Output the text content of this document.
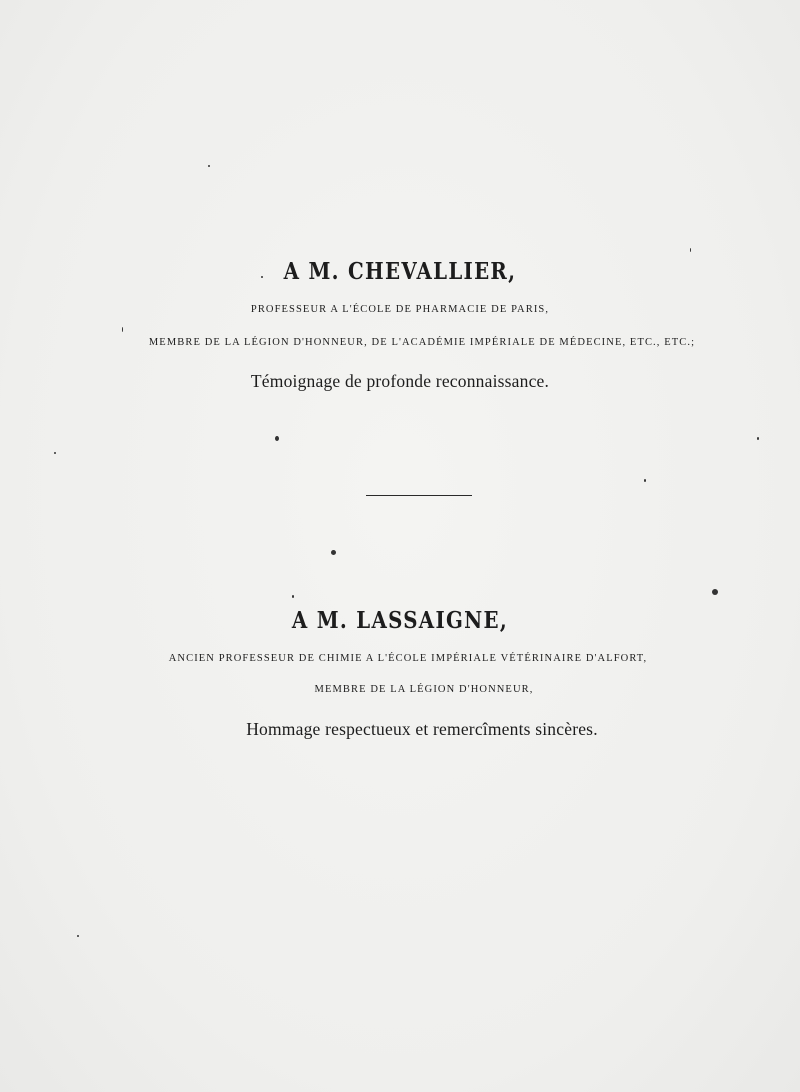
A M. CHEVALLIER,
PROFESSEUR A L'ÉCOLE DE PHARMACIE DE PARIS,
MEMBRE DE LA LÉGION D'HONNEUR, DE L'ACADÉMIE IMPÉRIALE DE MÉDECINE, ETC., ETC.;
Témoignage de profonde reconnaissance.
A M. LASSAIGNE,
ANCIEN PROFESSEUR DE CHIMIE A L'ÉCOLE IMPÉRIALE VÉTÉRINAIRE D'ALFORT,
MEMBRE DE LA LÉGION D'HONNEUR,
Hommage respectueux et remercîments sincères.
